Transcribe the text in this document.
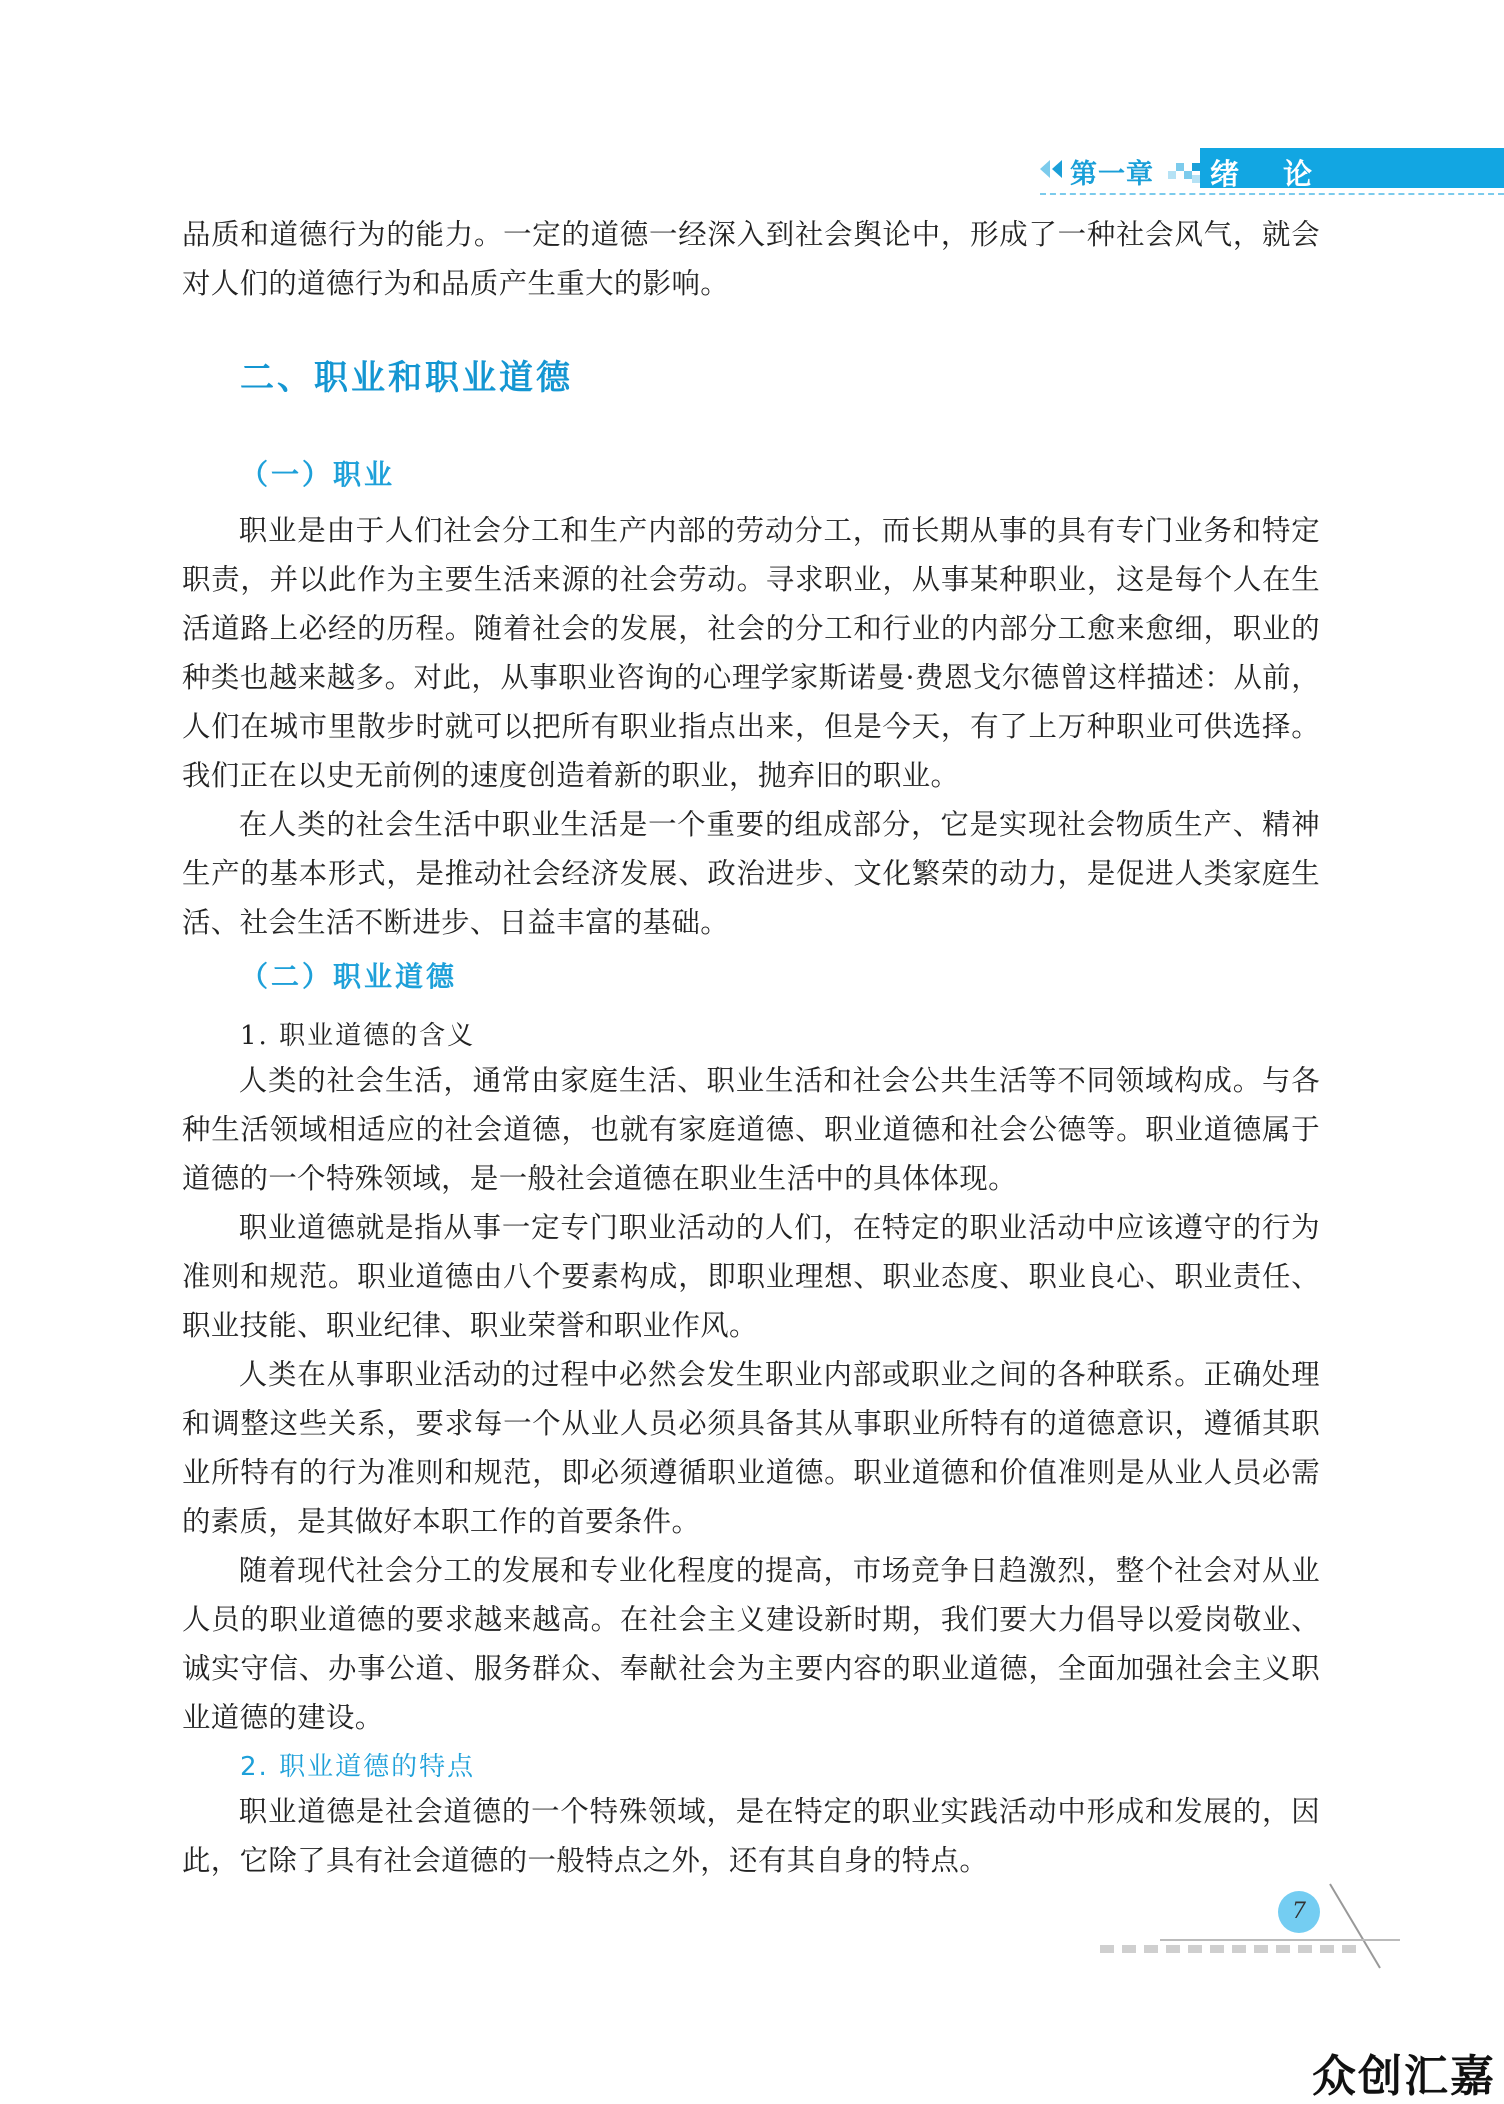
第一章 绪论

品质和道德行为的能力。一定的道德一经深入到社会舆论中，形成了一种社会风气，就会对人们的道德行为和品质产生重大的影响。

二、职业和职业道德
（一）职业

职业是由于人们社会分工和生产内部的劳动分工，而长期从事的具有专门业务和特定职责，并以此作为主要生活来源的社会劳动。寻求职业，从事某种职业，这是每个人在生活道路上必经的历程。随着社会的发展，社会的分工和行业的内部分工愈来愈细，职业的种类也越来越多。对此，从事职业咨询的心理学家斯诺曼·费恩戈尔德曾这样描述：从前，人们在城市里散步时就可以把所有职业指点出来，但是今天，有了上万种职业可供选择。我们正在以史无前例的速度创造着新的职业，抛弃旧的职业。

在人类的社会生活中职业生活是一个重要的组成部分，它是实现社会物质生产、精神生产的基本形式，是推动社会经济发展、政治进步、文化繁荣的动力，是促进人类家庭生活、社会生活不断进步、日益丰富的基础。

（二）职业道德
1. 职业道德的含义

人类的社会生活，通常由家庭生活、职业生活和社会公共生活等不同领域构成。与各种生活领域相适应的社会道德，也就有家庭道德、职业道德和社会公德等。职业道德属于道德的一个特殊领域，是一般社会道德在职业生活中的具体体现。

职业道德就是指从事一定专门职业活动的人们，在特定的职业活动中应该遵守的行为准则和规范。职业道德由八个要素构成，即职业理想、职业态度、职业良心、职业责任、职业技能、职业纪律、职业荣誉和职业作风。

人类在从事职业活动的过程中必然会发生职业内部或职业之间的各种联系。正确处理和调整这些关系，要求每一个从业人员必须具备其从事职业所特有的道德意识，遵循其职业所特有的行为准则和规范，即必须遵循职业道德。职业道德和价值准则是从业人员必需的素质，是其做好本职工作的首要条件。

随着现代社会分工的发展和专业化程度的提高，市场竞争日趋激烈，整个社会对从业人员的职业道德的要求越来越高。在社会主义建设新时期，我们要大力倡导以爱岗敬业、诚实守信、办事公道、服务群众、奉献社会为主要内容的职业道德，全面加强社会主义职业道德的建设。

2. 职业道德的特点

职业道德是社会道德的一个特殊领域，是在特定的职业实践活动中形成和发展的，因此，它除了具有社会道德的一般特点之外，还有其自身的特点。

7
众创汇嘉
